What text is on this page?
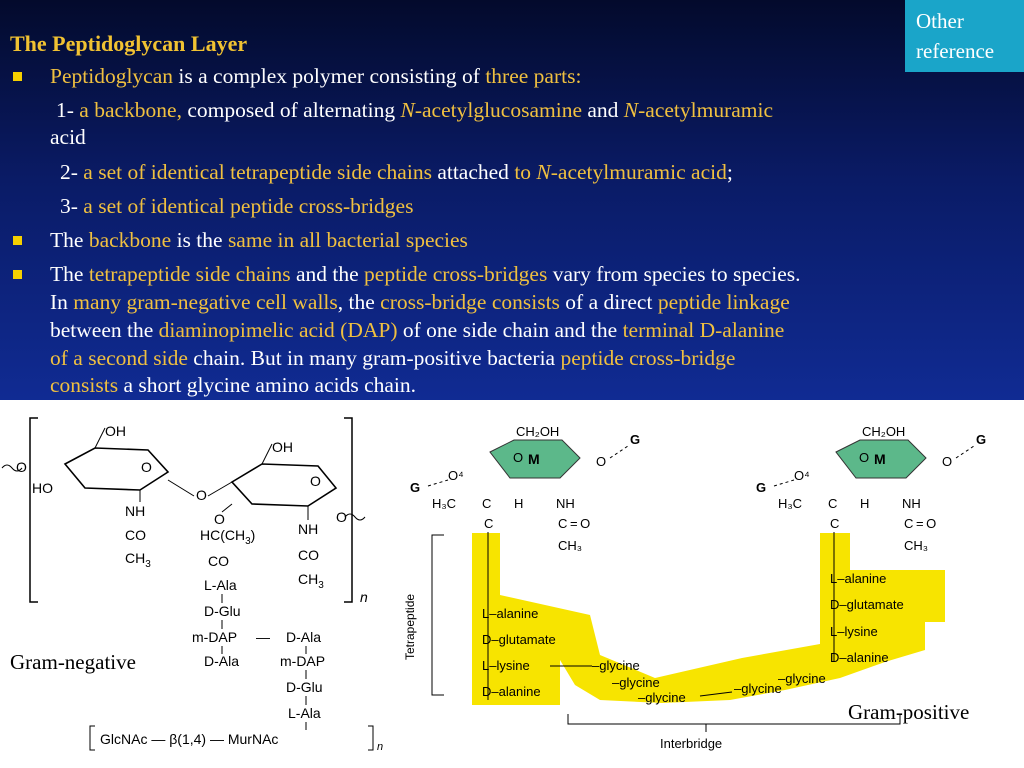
Other
reference
The Peptidoglycan Layer
Peptidoglycan is a complex polymer consisting of three parts:
1- a backbone, composed of alternating N-acetylglucosamine and N-acetylmuramic
acid
2- a set of identical tetrapeptide side chains attached to N-acetylmuramic acid;
3- a set of identical peptide cross-bridges
The backbone is the same in all bacterial species
The tetrapeptide side chains and the peptide cross-bridges vary from species to species.
In many gram-negative cell walls, the cross-bridge consists of a direct peptide linkage
between the diaminopimelic acid (DAP) of one side chain and the terminal D-alanine
of a second side chain. But in many gram-positive bacteria peptide cross-bridge
consists a short glycine amino acids chain.
n
OH
O
HO
O
NH
CO
$CH_3$
O
OH
O
O
NH
CO
$CH_3$
O
$HC(CH_3)$
CO
L-Ala
D-Glu
m-DAP
D-Ala
— D-Ala
m-DAP
D-Glu
L-Ala
GlcNAc — β(1,4) — MurNAc	n
Gram-negative
CH₂OH
M
O	O
G
O⁴
G
H₃C C H
C
NH
C = O
CH₃
CH₂OH
M
O	O
G
O⁴
G
H₃C C H
C
NH
C = O
CH₃
Tetrapeptide	L–alanine
D–glutamate
L–lysine
D–alanine
–glycine
–glycine
–glycine
–glycine
–glycine
L–alanine
D–glutamate
L–lysine
D–alanine
Interbridge
Gram-positive
